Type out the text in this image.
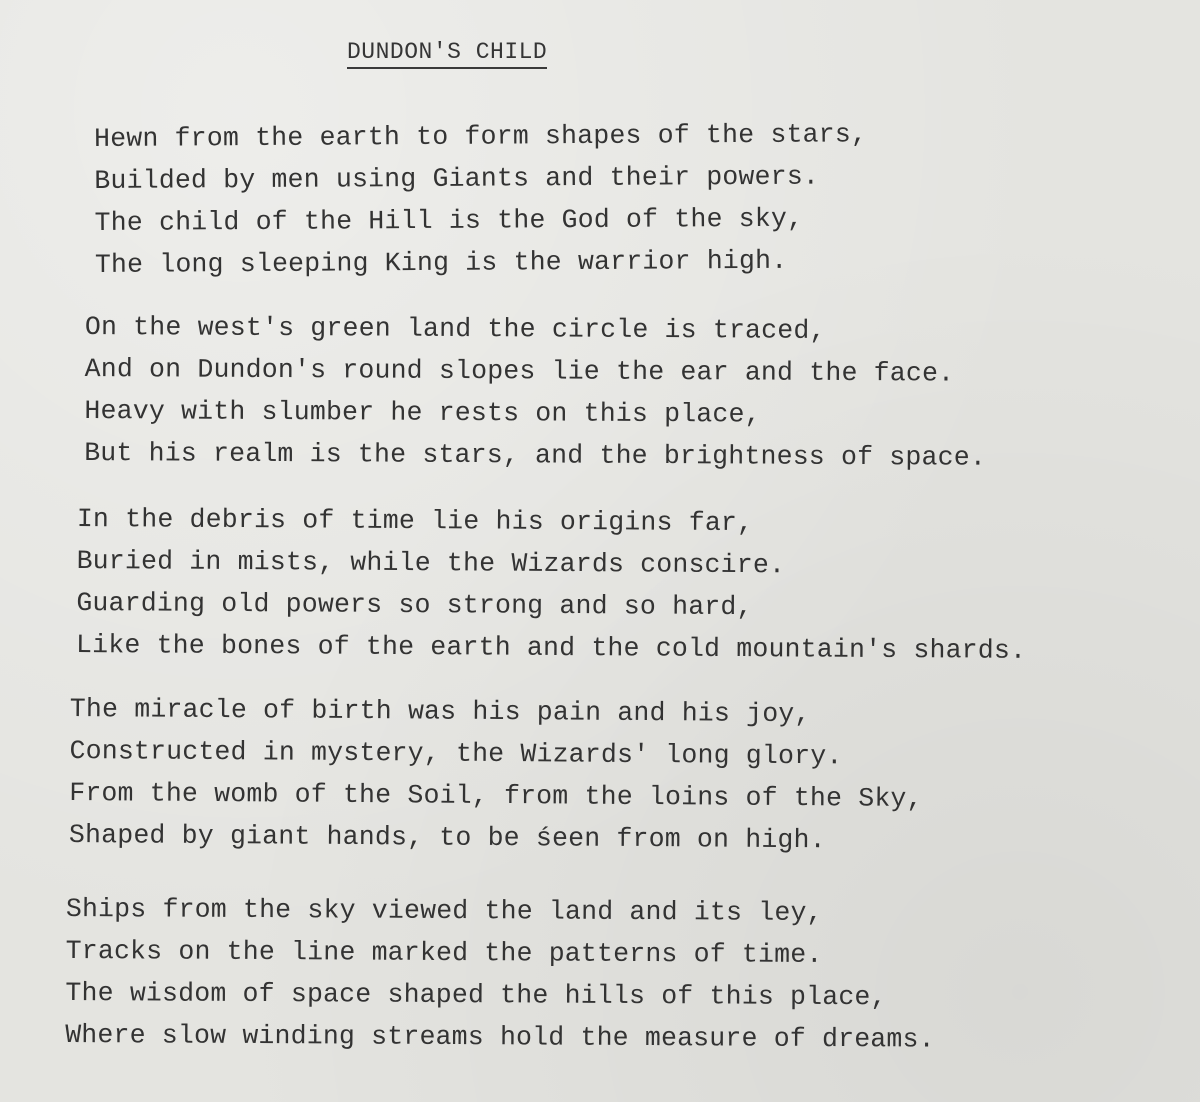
DUNDON'S CHILD
Hewn from the earth to form shapes of the stars,
Builded by men using Giants and their powers.
The child of the Hill is the God of the sky,
The long sleeping King is the warrior high.
On the west's green land the circle is traced,
And on Dundon's round slopes lie the ear and the face.
Heavy with slumber he rests on this place,
But his realm is the stars, and the brightness of space.
In the debris of time lie his origins far,
Buried in mists, while the Wizards conscire.
Guarding old powers so strong and so hard,
Like the bones of the earth and the cold mountain's shards.
The miracle of birth was his pain and his joy,
Constructed in mystery, the Wizards' long glory.
From the womb of the Soil, from the loins of the Sky,
Shaped by giant hands, to be śeen from on high.
Ships from the sky viewed the land and its ley,
Tracks on the line marked the patterns of time.
The wisdom of space shaped the hills of this place,
Where slow winding streams hold the measure of dreams.
